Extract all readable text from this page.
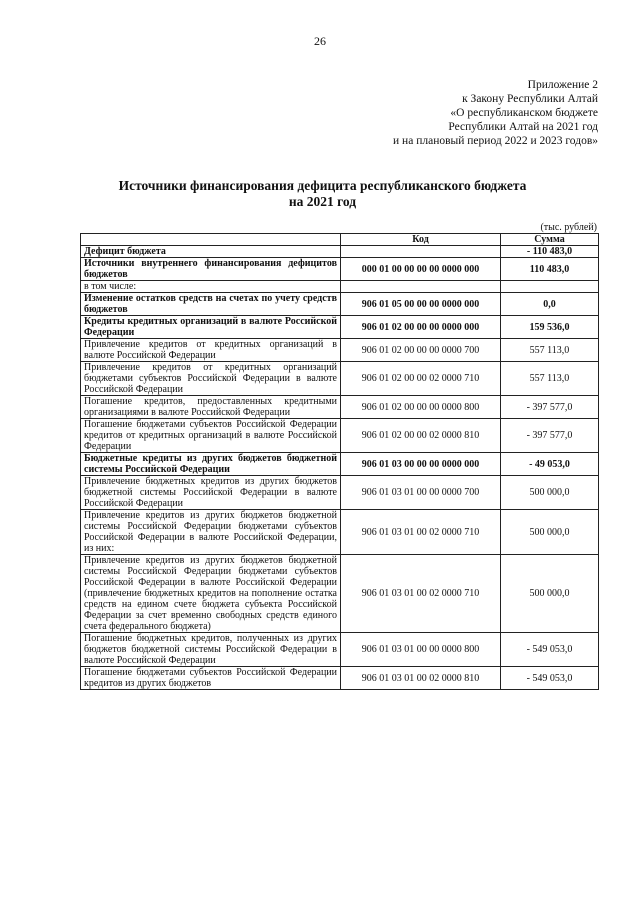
26
Приложение 2
к Закону Республики Алтай
«О республиканском бюджете
Республики Алтай на 2021 год
и на плановый период 2022 и 2023 годов»
Источники финансирования дефицита республиканского бюджета
на 2021 год
(тыс. рублей)
	Код	Сумма
Дефицит бюджета		- 110 483,0
Источники внутреннего финансирования дефицитов бюджетов	000 01 00 00 00 00 0000 000	110 483,0
в том числе:		
Изменение остатков средств на счетах по учету средств бюджетов	906 01 05 00 00 00 0000 000	0,0
Кредиты кредитных организаций в валюте Российской Федерации	906 01 02 00 00 00 0000 000	159 536,0
Привлечение кредитов от кредитных организаций в валюте Российской Федерации	906 01 02 00 00 00 0000 700	557 113,0
Привлечение кредитов от кредитных организаций бюджетами субъектов Российской Федерации в валюте Российской Федерации	906 01 02 00 00 02 0000 710	557 113,0
Погашение кредитов, предоставленных кредитными организациями в валюте Российской Федерации	906 01 02 00 00 00 0000 800	- 397 577,0
Погашение бюджетами субъектов Российской Федерации кредитов от кредитных организаций в валюте Российской Федерации	906 01 02 00 00 02 0000 810	- 397 577,0
Бюджетные кредиты из других бюджетов бюджетной системы Российской Федерации	906 01 03 00 00 00 0000 000	- 49 053,0
Привлечение бюджетных кредитов из других бюджетов бюджетной системы Российской Федерации в валюте Российской Федерации	906 01 03 01 00 00 0000 700	500 000,0
Привлечение кредитов из других бюджетов бюджетной системы Российской Федерации бюджетами субъектов Российской Федерации в валюте Российской Федерации, из них:	906 01 03 01 00 02 0000 710	500 000,0
Привлечение кредитов из других бюджетов бюджетной системы Российской Федерации бюджетами субъектов Российской Федерации в валюте Российской Федерации (привлечение бюджетных кредитов на пополнение остатка средств на едином счете бюджета субъекта Российской Федерации за счет временно свободных средств единого счета федерального бюджета)	906 01 03 01 00 02 0000 710	500 000,0
Погашение бюджетных кредитов, полученных из других бюджетов бюджетной системы Российской Федерации в валюте Российской Федерации	906 01 03 01 00 00 0000 800	- 549 053,0
Погашение бюджетами субъектов Российской Федерации кредитов из других бюджетов	906 01 03 01 00 02 0000 810	- 549 053,0
